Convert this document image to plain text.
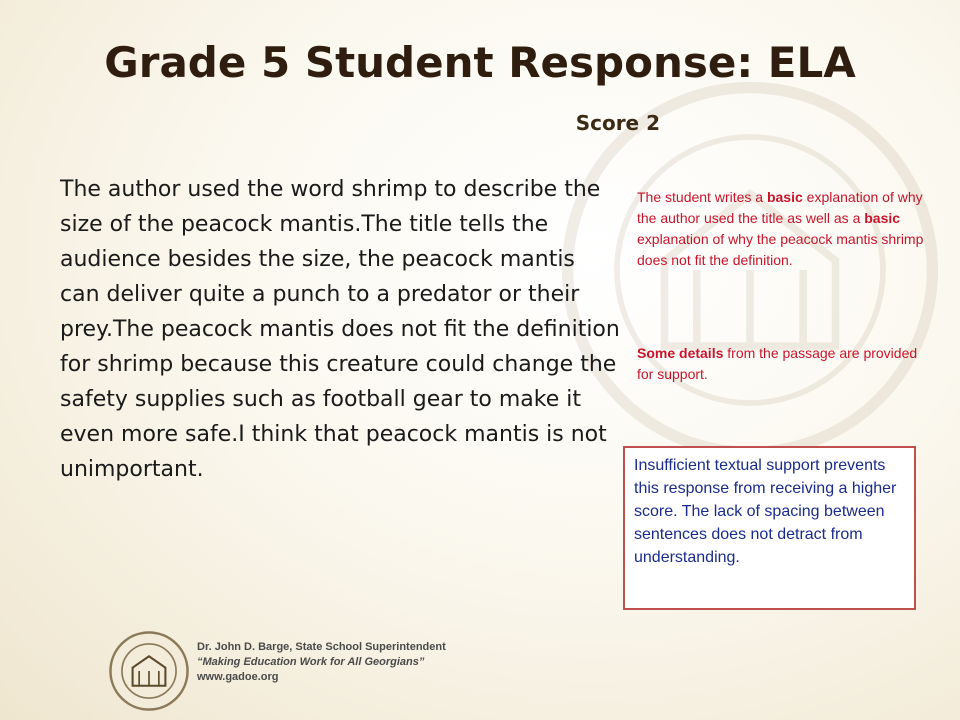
Grade 5 Student Response: ELA
Score 2
The author used the word shrimp to describe the size of the peacock mantis.The title tells the audience besides the size, the peacock mantis can deliver quite a punch to a predator or their prey.The peacock mantis does not fit the definition for shrimp because this creature could change the safety supplies such as football gear to make it even more safe.I think that peacock mantis is not unimportant.
The student writes a basic explanation of why the author used the title as well as a basic explanation of why the peacock mantis shrimp does not fit the definition.
Some details from the passage are provided for support.
Insufficient textual support prevents this response from receiving a higher score. The lack of spacing between sentences does not detract from understanding.
Dr. John D. Barge, State School Superintendent
“Making Education Work for All Georgians”
www.gadoe.org
